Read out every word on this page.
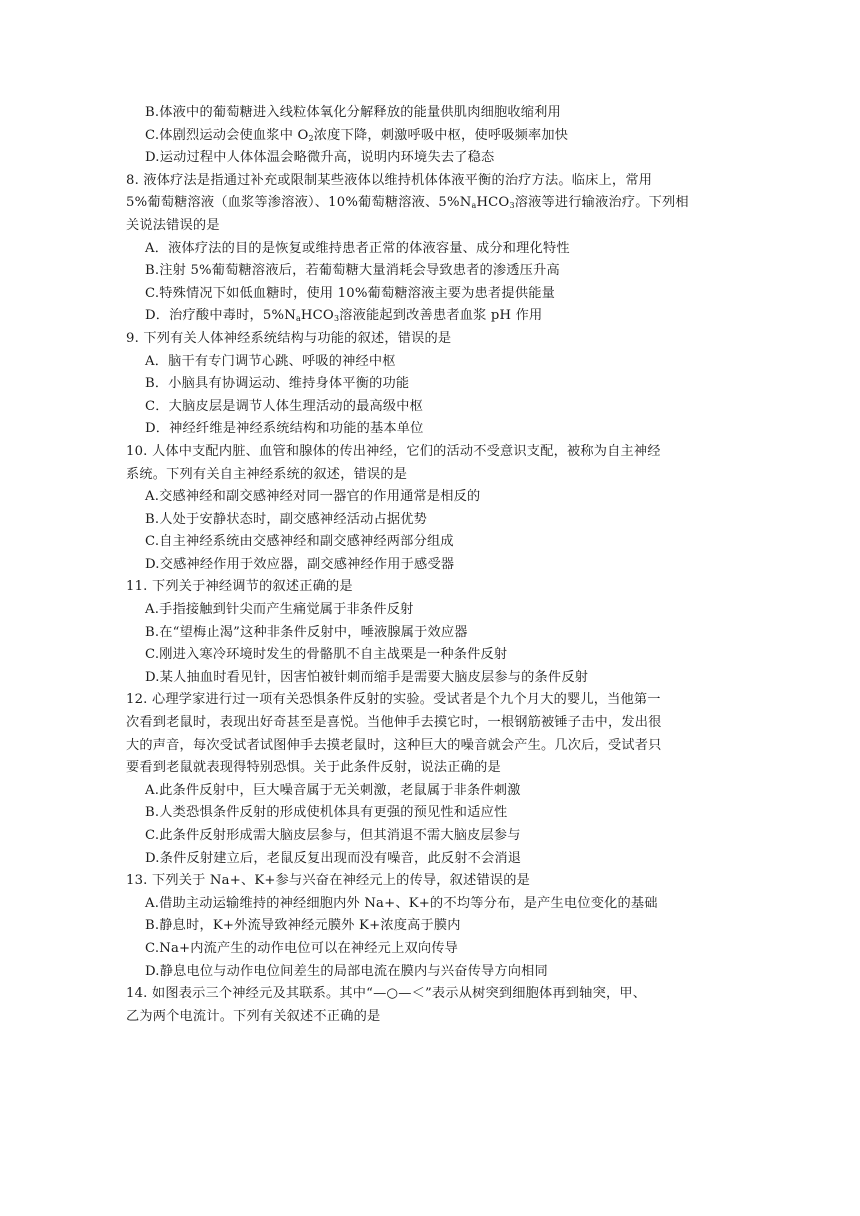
B.体液中的葡萄糖进入线粒体氧化分解释放的能量供肌肉细胞收缩利用
C.体剧烈运动会使血浆中 $O_2$浓度下降，刺激呼吸中枢，使呼吸频率加快
D.运动过程中人体体温会略微升高，说明内环境失去了稳态
8. 液体疗法是指通过补充或限制某些液体以维持机体体液平衡的治疗方法。临床上，常用
5%葡萄糖溶液（血浆等渗溶液）、10%葡萄糖溶液、$5\%N_aHCO_3$溶液等进行输液治疗。下列相
关说法错误的是
A．液体疗法的目的是恢复或维持患者正常的体液容量、成分和理化特性
B.注射 5%葡萄糖溶液后，若葡萄糖大量消耗会导致患者的渗透压升高
C.特殊情况下如低血糖时，使用 10%葡萄糖溶液主要为患者提供能量
D．治疗酸中毒时，$5\%N_aHCO_3$溶液能起到改善患者血浆 pH 作用
9. 下列有关人体神经系统结构与功能的叙述，错误的是
A．脑干有专门调节心跳、呼吸的神经中枢
B．小脑具有协调运动、维持身体平衡的功能
C．大脑皮层是调节人体生理活动的最高级中枢
D．神经纤维是神经系统结构和功能的基本单位
10. 人体中支配内脏、血管和腺体的传出神经，它们的活动不受意识支配，被称为自主神经
系统。下列有关自主神经系统的叙述，错误的是
A.交感神经和副交感神经对同一器官的作用通常是相反的
B.人处于安静状态时，副交感神经活动占据优势
C.自主神经系统由交感神经和副交感神经两部分组成
D.交感神经作用于效应器，副交感神经作用于感受器
11. 下列关于神经调节的叙述正确的是
A.手指接触到针尖而产生痛觉属于非条件反射
B.在“望梅止渴”这种非条件反射中，唾液腺属于效应器
C.刚进入寒冷环境时发生的骨骼肌不自主战栗是一种条件反射
D.某人抽血时看见针，因害怕被针刺而缩手是需要大脑皮层参与的条件反射
12. 心理学家进行过一项有关恐惧条件反射的实验。受试者是个九个月大的婴儿，当他第一
次看到老鼠时，表现出好奇甚至是喜悦。当他伸手去摸它时，一根钢筋被锤子击中，发出很
大的声音，每次受试者试图伸手去摸老鼠时，这种巨大的噪音就会产生。几次后，受试者只
要看到老鼠就表现得特别恐惧。关于此条件反射，说法正确的是
A.此条件反射中，巨大噪音属于无关刺激，老鼠属于非条件刺激
B.人类恐惧条件反射的形成使机体具有更强的预见性和适应性
C.此条件反射形成需大脑皮层参与，但其消退不需大脑皮层参与
D.条件反射建立后，老鼠反复出现而没有噪音，此反射不会消退
13. 下列关于 Na+、K+参与兴奋在神经元上的传导，叙述错误的是
A.借助主动运输维持的神经细胞内外 Na+、K+的不均等分布，是产生电位变化的基础
B.静息时，K+外流导致神经元膜外 K+浓度高于膜内
C.Na+内流产生的动作电位可以在神经元上双向传导
D.静息电位与动作电位间差生的局部电流在膜内与兴奋传导方向相同
14. 如图表示三个神经元及其联系。其中“—○—＜”表示从树突到细胞体再到轴突，甲、
乙为两个电流计。下列有关叙述不正确的是
